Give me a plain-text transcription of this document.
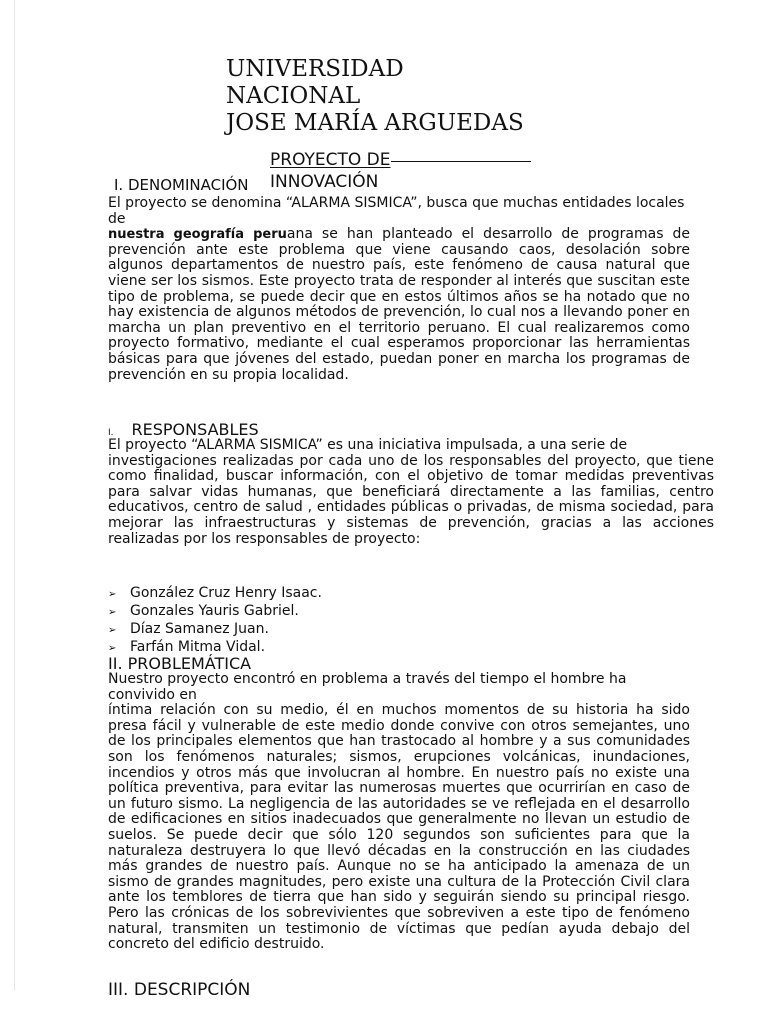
UNIVERSIDAD
NACIONAL
JOSE MARÍA ARGUEDAS
PROYECTO DE
INNOVACIÓN
I. DENOMINACIÓN
El proyecto se denomina “ALARMA SISMICA”, busca que muchas entidades locales de
nuestra geografía peruana se han planteado el desarrollo de programas de prevención ante este problema que viene causando caos, desolación sobre algunos departamentos de nuestro país, este fenómeno de causa natural que viene ser los sismos. Este proyecto trata de responder al interés que suscitan este tipo de problema, se puede decir que en estos últimos años se ha notado que no hay existencia de algunos métodos de prevención, lo cual nos a llevando poner en marcha un plan preventivo en el territorio peruano. El cual realizaremos como proyecto formativo, mediante el cual esperamos proporcionar las herramientas básicas para que jóvenes del estado, puedan poner en marcha los programas de prevención en su propia localidad.
I. RESPONSABLES
El proyecto “ALARMA SISMICA” es una iniciativa impulsada, a una serie de
investigaciones realizadas por cada uno de los responsables del proyecto, que tiene como finalidad, buscar información, con el objetivo de tomar medidas preventivas para salvar vidas humanas, que beneficiará directamente a las familias, centro educativos, centro de salud , entidades públicas o privadas, de misma sociedad, para mejorar las infraestructuras y sistemas de prevención, gracias a las acciones realizadas por los responsables de proyecto:
➢ González Cruz Henry Isaac.
➢ Gonzales Yauris Gabriel.
➢ Díaz Samanez Juan.
➢ Farfán Mitma Vidal.
II. PROBLEMÁTICA
Nuestro proyecto encontró en problema a través del tiempo el hombre ha convivido en
íntima relación con su medio, él en muchos momentos de su historia ha sido presa fácil y vulnerable de este medio donde convive con otros semejantes, uno de los principales elementos que han trastocado al hombre y a sus comunidades son los fenómenos naturales; sismos, erupciones volcánicas, inundaciones, incendios y otros más que involucran al hombre. En nuestro país no existe una política preventiva, para evitar las numerosas muertes que ocurrirían en caso de un futuro sismo. La negligencia de las autoridades se ve reflejada en el desarrollo de edificaciones en sitios inadecuados que generalmente no llevan un estudio de suelos. Se puede decir que sólo 120 segundos son suficientes para que la naturaleza destruyera lo que llevó décadas en la construcción en las ciudades más grandes de nuestro país. Aunque no se ha anticipado la amenaza de un sismo de grandes magnitudes, pero existe una cultura de la Protección Civil clara ante los temblores de tierra que han sido y seguirán siendo su principal riesgo. Pero las crónicas de los sobrevivientes que sobreviven a este tipo de fenómeno natural, transmiten un testimonio de víctimas que pedían ayuda debajo del concreto del edificio destruido.
III. DESCRIPCIÓN
